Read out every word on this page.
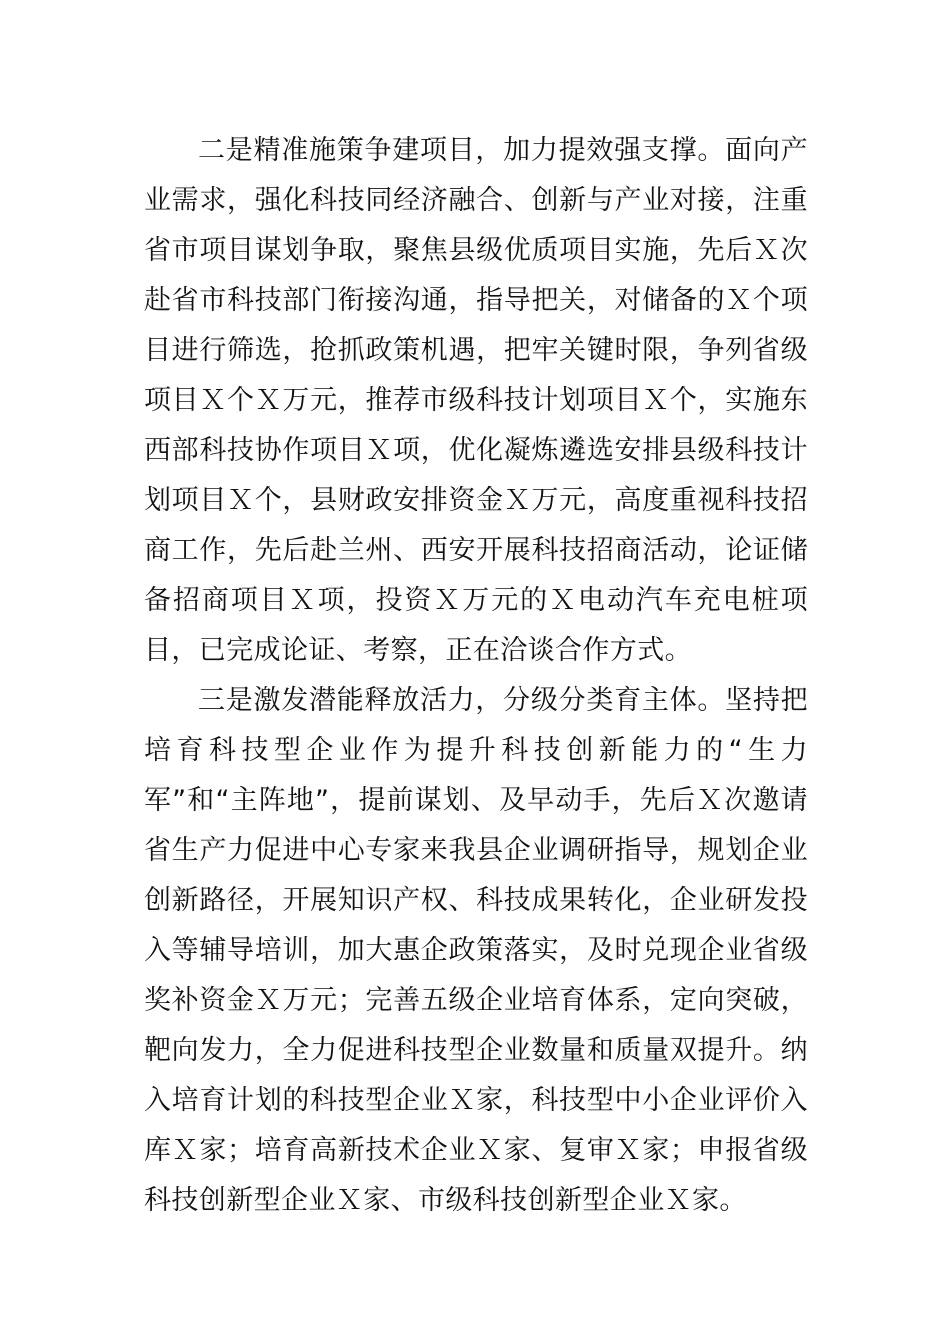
二是精准施策争建项目，加力提效强支撑。面向产业需求，强化科技同经济融合、创新与产业对接，注重省市项目谋划争取，聚焦县级优质项目实施，先后Ｘ次赴省市科技部门衔接沟通，指导把关，对储备的Ｘ个项目进行筛选，抢抓政策机遇，把牢关键时限，争列省级项目Ｘ个Ｘ万元，推荐市级科技计划项目Ｘ个，实施东西部科技协作项目Ｘ项，优化凝炼遴选安排县级科技计划项目Ｘ个，县财政安排资金Ｘ万元，高度重视科技招商工作，先后赴兰州、西安开展科技招商活动，论证储备招商项目Ｘ项，投资Ｘ万元的Ｘ电动汽车充电桩项目，已完成论证、考察，正在洽谈合作方式。

三是激发潜能释放活力，分级分类育主体。坚持把培育科技型企业作为提升科技创新能力的“生力军”和“主阵地”，提前谋划、及早动手，先后Ｘ次邀请省生产力促进中心专家来我县企业调研指导，规划企业创新路径，开展知识产权、科技成果转化，企业研发投入等辅导培训，加大惠企政策落实，及时兑现企业省级奖补资金Ｘ万元；完善五级企业培育体系，定向突破，靶向发力，全力促进科技型企业数量和质量双提升。纳入培育计划的科技型企业Ｘ家，科技型中小企业评价入库Ｘ家；培育高新技术企业Ｘ家、复审Ｘ家；申报省级科技创新型企业Ｘ家、市级科技创新型企业Ｘ家。
